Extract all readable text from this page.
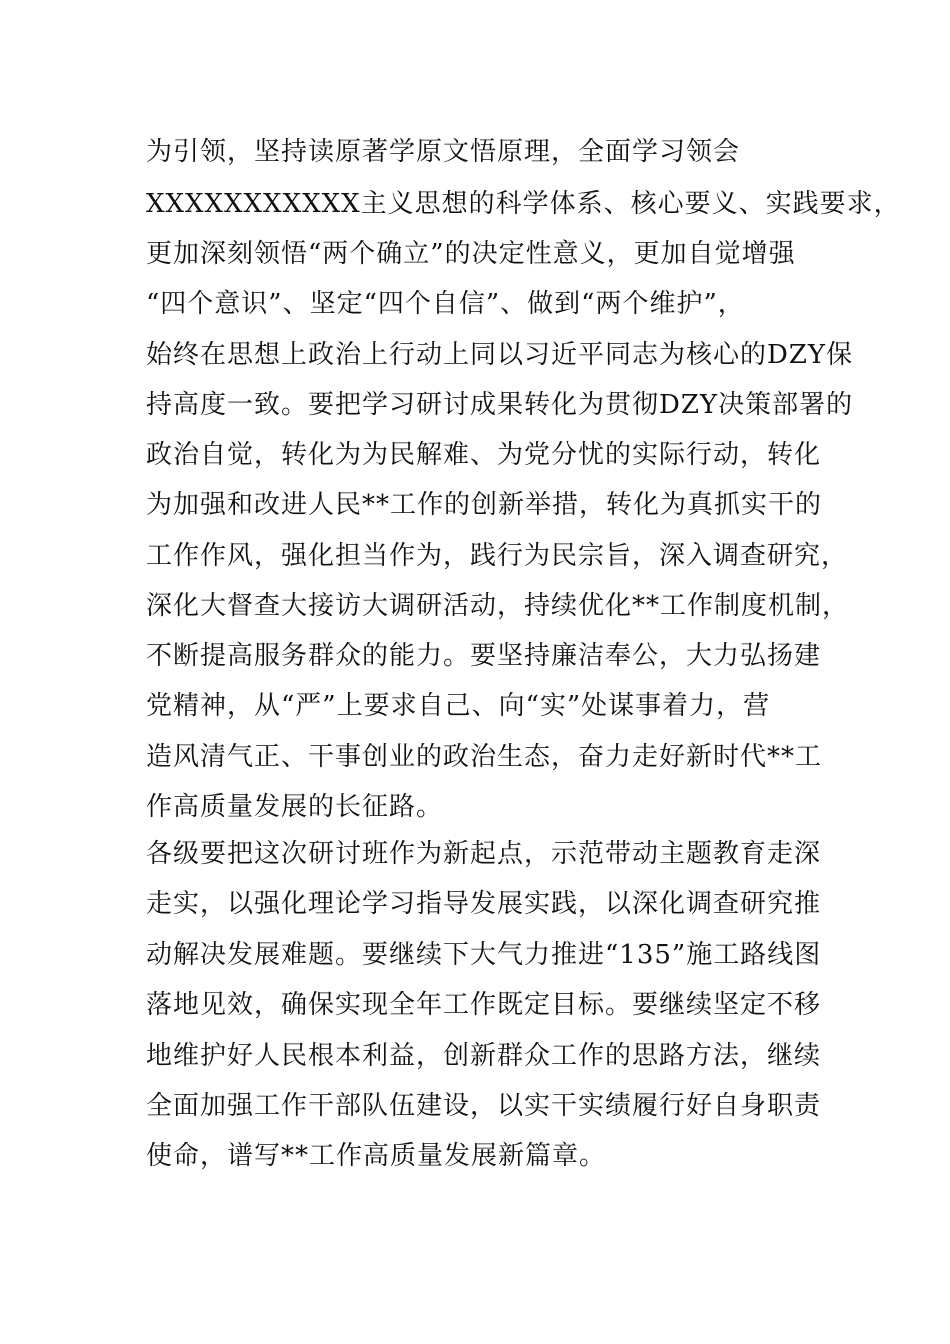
为引领，坚持读原著学原文悟原理，全面学习领会
XXXXXXXXXXX主义思想的科学体系、核心要义、实践要求，
更加深刻领悟“两个确立”的决定性意义，更加自觉增强
“四个意识”、坚定“四个自信”、做到“两个维护”，
始终在思想上政治上行动上同以习近平同志为核心的DZY保
持高度一致。要把学习研讨成果转化为贯彻DZY决策部署的
政治自觉，转化为为民解难、为党分忧的实际行动，转化
为加强和改进人民**工作的创新举措，转化为真抓实干的
工作作风，强化担当作为，践行为民宗旨，深入调查研究，
深化大督查大接访大调研活动，持续优化**工作制度机制，
不断提高服务群众的能力。要坚持廉洁奉公，大力弘扬建
党精神，从“严”上要求自己、向“实”处谋事着力，营
造风清气正、干事创业的政治生态，奋力走好新时代**工
作高质量发展的长征路。
各级要把这次研讨班作为新起点，示范带动主题教育走深
走实，以强化理论学习指导发展实践，以深化调查研究推
动解决发展难题。要继续下大气力推进“135”施工路线图
落地见效，确保实现全年工作既定目标。要继续坚定不移
地维护好人民根本利益，创新群众工作的思路方法，继续
全面加强工作干部队伍建设，以实干实绩履行好自身职责
使命，谱写**工作高质量发展新篇章。
